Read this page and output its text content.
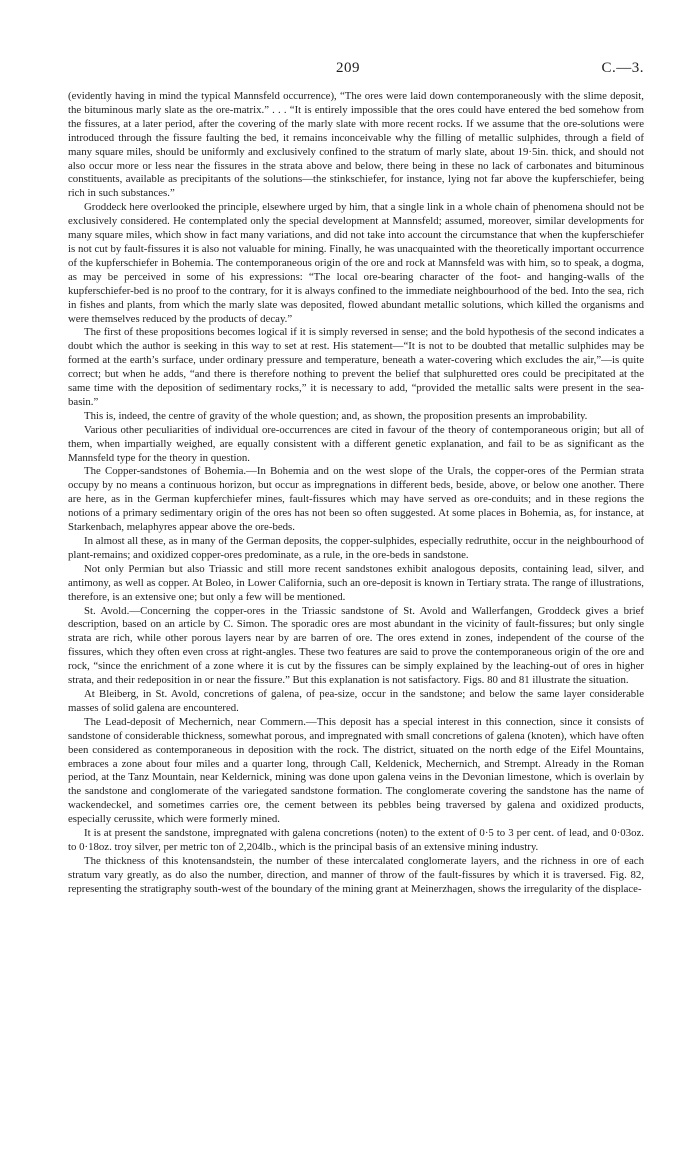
209	C.—3.

(evidently having in mind the typical Mannsfeld occurrence), “The ores were laid down contemporaneously with the slime deposit, the bituminous marly slate as the ore-matrix.” . . . “It is entirely impossible that the ores could have entered the bed somehow from the fissures, at a later period, after the covering of the marly slate with more recent rocks. If we assume that the ore-solutions were introduced through the fissure faulting the bed, it remains inconceivable why the filling of metallic sulphides, through a field of many square miles, should be uniformly and exclusively confined to the stratum of marly slate, about 19·5in. thick, and should not also occur more or less near the fissures in the strata above and below, there being in these no lack of carbonates and bituminous constituents, available as precipitants of the solutions—the stinkschiefer, for instance, lying not far above the kupferschiefer, being rich in such substances.”

Groddeck here overlooked the principle, elsewhere urged by him, that a single link in a whole chain of phenomena should not be exclusively considered. He contemplated only the special development at Mannsfeld; assumed, moreover, similar developments for many square miles, which show in fact many variations, and did not take into account the circumstance that when the kupferschiefer is not cut by fault-fissures it is also not valuable for mining. Finally, he was unacquainted with the theoretically important occurrence of the kupferschiefer in Bohemia. The contemporaneous origin of the ore and rock at Mannsfeld was with him, so to speak, a dogma, as may be perceived in some of his expressions: “The local ore-bearing character of the foot- and hanging-walls of the kupferschiefer-bed is no proof to the contrary, for it is always confined to the immediate neighbourhood of the bed. Into the sea, rich in fishes and plants, from which the marly slate was deposited, flowed abundant metallic solutions, which killed the organisms and were themselves reduced by the products of decay.”

The first of these propositions becomes logical if it is simply reversed in sense; and the bold hypothesis of the second indicates a doubt which the author is seeking in this way to set at rest. His statement—“It is not to be doubted that metallic sulphides may be formed at the earth’s surface, under ordinary pressure and temperature, beneath a water-covering which excludes the air,”—is quite correct; but when he adds, “and there is therefore nothing to prevent the belief that sulphuretted ores could be precipitated at the same time with the deposition of sedimentary rocks,” it is necessary to add, “provided the metallic salts were present in the sea-basin.”

This is, indeed, the centre of gravity of the whole question; and, as shown, the proposition presents an improbability.

Various other peculiarities of individual ore-occurrences are cited in favour of the theory of contemporaneous origin; but all of them, when impartially weighed, are equally consistent with a different genetic explanation, and fail to be as significant as the Mannsfeld type for the theory in question.

The Copper-sandstones of Bohemia.—In Bohemia and on the west slope of the Urals, the copper-ores of the Permian strata occupy by no means a continuous horizon, but occur as impregnations in different beds, beside, above, or below one another. There are here, as in the German kupferchiefer mines, fault-fissures which may have served as ore-conduits; and in these regions the notions of a primary sedimentary origin of the ores has not been so often suggested. At some places in Bohemia, as, for instance, at Starkenbach, melaphyres appear above the ore-beds.

In almost all these, as in many of the German deposits, the copper-sulphides, especially redruthite, occur in the neighbourhood of plant-remains; and oxidized copper-ores predominate, as a rule, in the ore-beds in sandstone.

Not only Permian but also Triassic and still more recent sandstones exhibit analogous deposits, containing lead, silver, and antimony, as well as copper. At Boleo, in Lower California, such an ore-deposit is known in Tertiary strata. The range of illustrations, therefore, is an extensive one; but only a few will be mentioned.

St. Avold.—Concerning the copper-ores in the Triassic sandstone of St. Avold and Wallerfangen, Groddeck gives a brief description, based on an article by C. Simon. The sporadic ores are most abundant in the vicinity of fault-fissures; but only single strata are rich, while other porous layers near by are barren of ore. The ores extend in zones, independent of the course of the fissures, which they often even cross at right-angles. These two features are said to prove the contemporaneous origin of the ore and rock, “since the enrichment of a zone where it is cut by the fissures can be simply explained by the leaching-out of ores in higher strata, and their redeposition in or near the fissure.” But this explanation is not satisfactory. Figs. 80 and 81 illustrate the situation.

At Bleiberg, in St. Avold, concretions of galena, of pea-size, occur in the sandstone; and below the same layer considerable masses of solid galena are encountered.

The Lead-deposit of Mechernich, near Commern.—This deposit has a special interest in this connection, since it consists of sandstone of considerable thickness, somewhat porous, and impregnated with small concretions of galena (knoten), which have often been considered as contemporaneous in deposition with the rock. The district, situated on the north edge of the Eifel Mountains, embraces a zone about four miles and a quarter long, through Call, Keldenick, Mechernich, and Strempt. Already in the Roman period, at the Tanz Mountain, near Keldernick, mining was done upon galena veins in the Devonian limestone, which is overlain by the sandstone and conglomerate of the variegated sandstone formation. The conglomerate covering the sandstone has the name of wackendeckel, and sometimes carries ore, the cement between its pebbles being traversed by galena and oxidized products, especially cerussite, which were formerly mined.

It is at present the sandstone, impregnated with galena concretions (noten) to the extent of 0·5 to 3 per cent. of lead, and 0·03oz. to 0·18oz. troy silver, per metric ton of 2,204lb., which is the principal basis of an extensive mining industry.

The thickness of this knotensandstein, the number of these intercalated conglomerate layers, and the richness in ore of each stratum vary greatly, as do also the number, direction, and manner of throw of the fault-fissures by which it is traversed. Fig. 82, representing the stratigraphy south-west of the boundary of the mining grant at Meinerzhagen, shows the irregularity of the displace-
